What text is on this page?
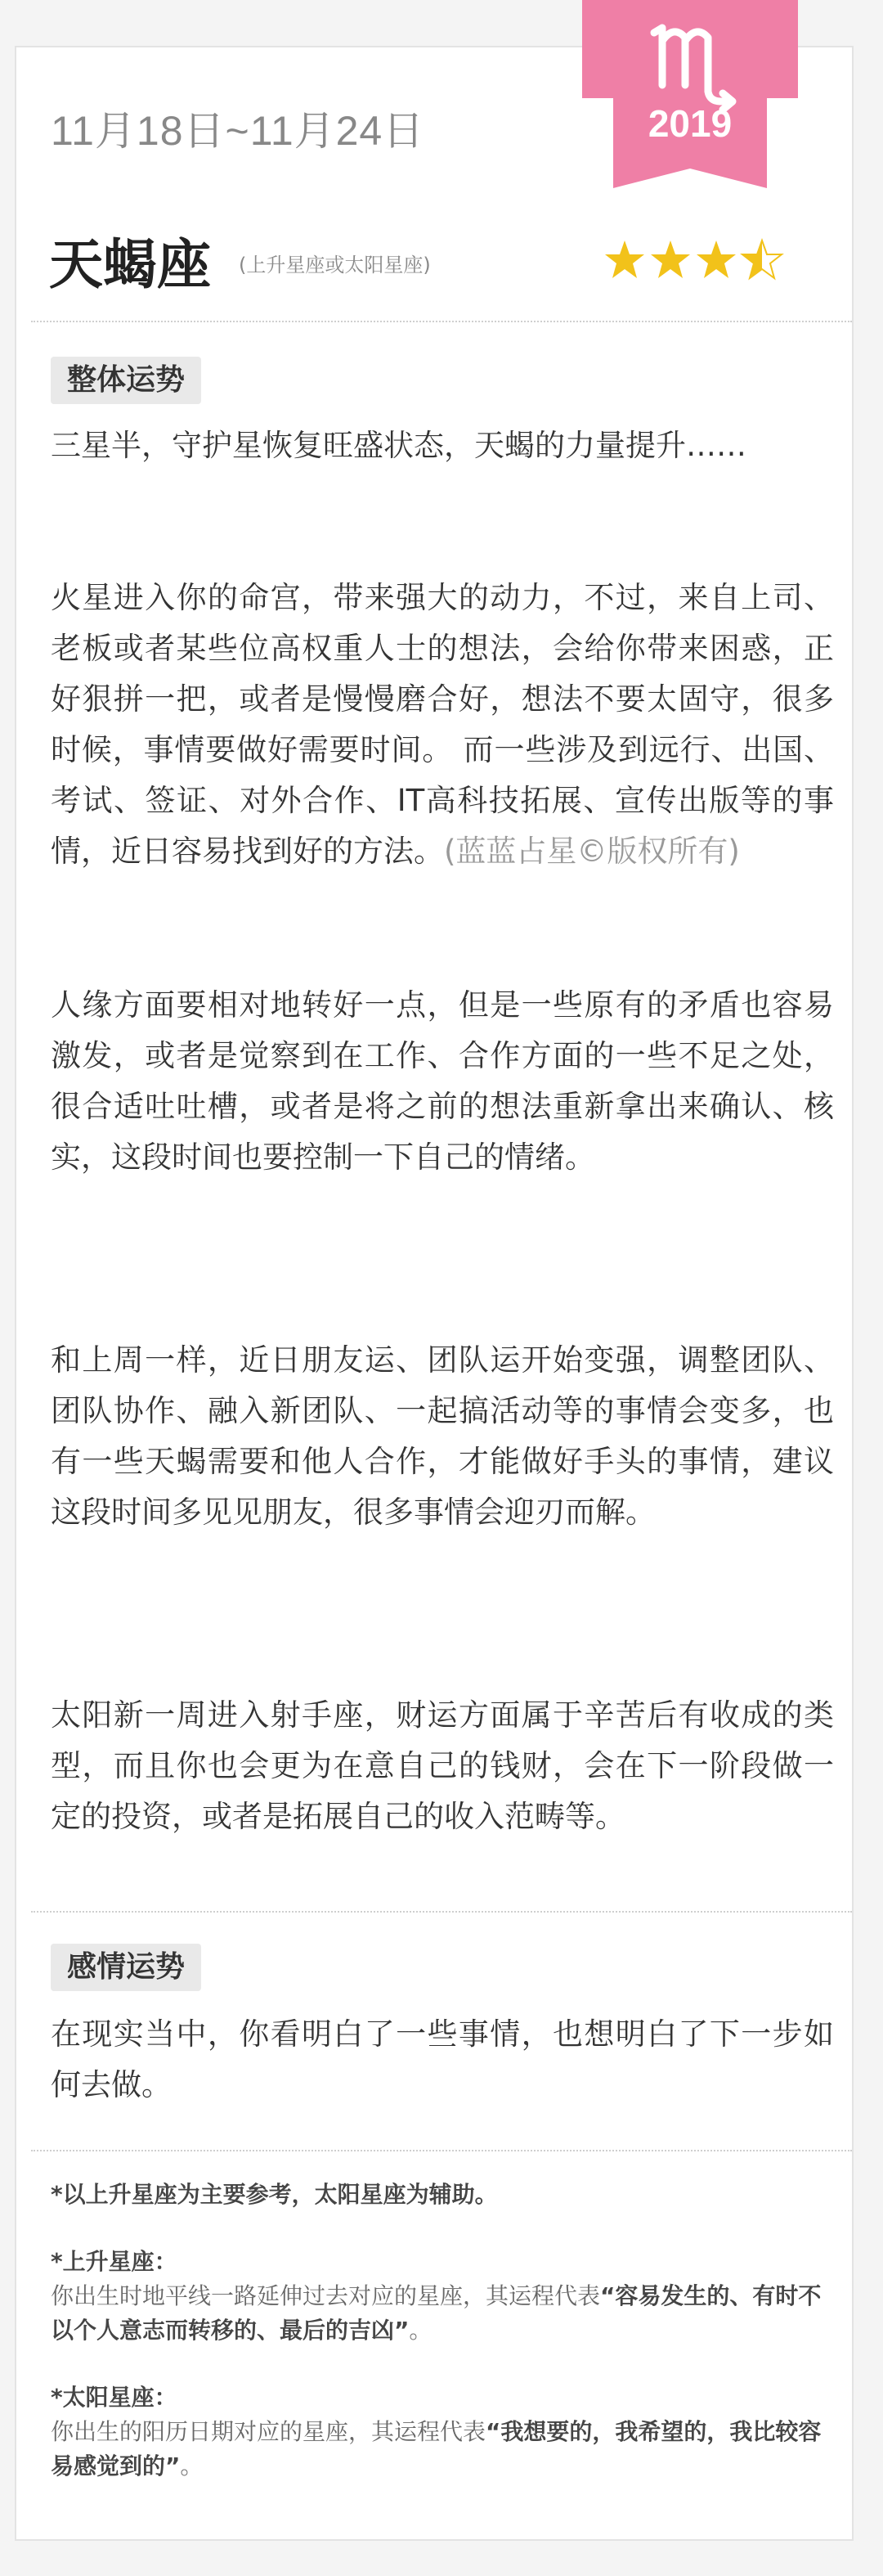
2019
11月18日~11月24日
天蝎座 (上升星座或太阳星座)
整体运势

三星半，守护星恢复旺盛状态，天蝎的力量提升……

火星进入你的命宫，带来强大的动力，不过，来自上司、老板或者某些位高权重人士的想法，会给你带来困惑，正好狠拼一把，或者是慢慢磨合好，想法不要太固守，很多时候，事情要做好需要时间。 而一些涉及到远行、出国、考试、签证、对外合作、IT高科技拓展、宣传出版等的事情，近日容易找到好的方法。(蓝蓝占星©版权所有)

人缘方面要相对地转好一点，但是一些原有的矛盾也容易激发，或者是觉察到在工作、合作方面的一些不足之处，很合适吐吐槽，或者是将之前的想法重新拿出来确认、核实，这段时间也要控制一下自己的情绪。

和上周一样，近日朋友运、团队运开始变强，调整团队、团队协作、融入新团队、一起搞活动等的事情会变多，也有一些天蝎需要和他人合作，才能做好手头的事情，建议这段时间多见见朋友，很多事情会迎刃而解。

太阳新一周进入射手座，财运方面属于辛苦后有收成的类型，而且你也会更为在意自己的钱财，会在下一阶段做一定的投资，或者是拓展自己的收入范畴等。

感情运势

在现实当中，你看明白了一些事情，也想明白了下一步如何去做。

*以上升星座为主要参考，太阳星座为辅助。
*上升星座：
你出生时地平线一路延伸过去对应的星座，其运程代表“容易发生的、有时不以个人意志而转移的、最后的吉凶”。
*太阳星座：
你出生的阳历日期对应的星座，其运程代表“我想要的，我希望的，我比较容易感觉到的”。
